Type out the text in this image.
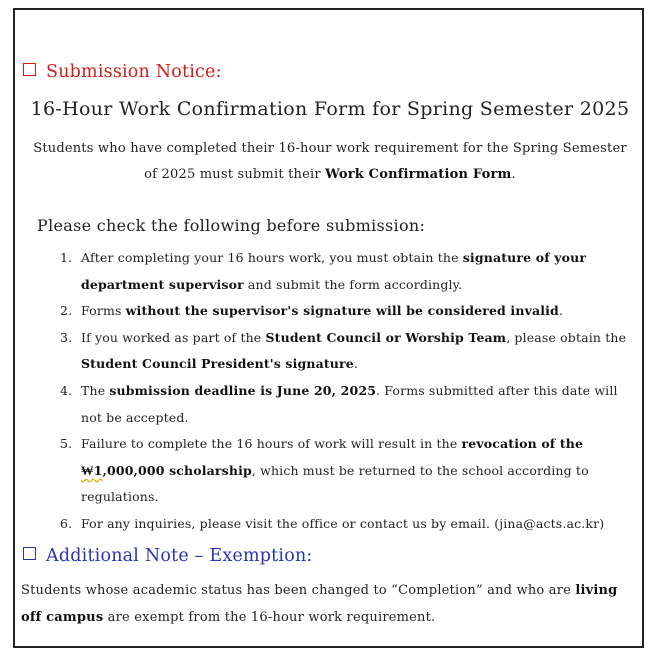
Submission Notice:
16-Hour Work Confirmation Form for Spring Semester 2025
Students who have completed their 16-hour work requirement for the Spring Semester of 2025 must submit their Work Confirmation Form.
Please check the following before submission:
1. After completing your 16 hours work, you must obtain the signature of your department supervisor and submit the form accordingly.
2. Forms without the supervisor's signature will be considered invalid.
3. If you worked as part of the Student Council or Worship Team, please obtain the Student Council President's signature.
4. The submission deadline is June 20, 2025. Forms submitted after this date will not be accepted.
5. Failure to complete the 16 hours of work will result in the revocation of the ₩1,000,000 scholarship, which must be returned to the school according to regulations.
6. For any inquiries, please visit the office or contact us by email. (jina@acts.ac.kr)
Additional Note – Exemption:
Students whose academic status has been changed to “Completion” and who are living off campus are exempt from the 16-hour work requirement.
